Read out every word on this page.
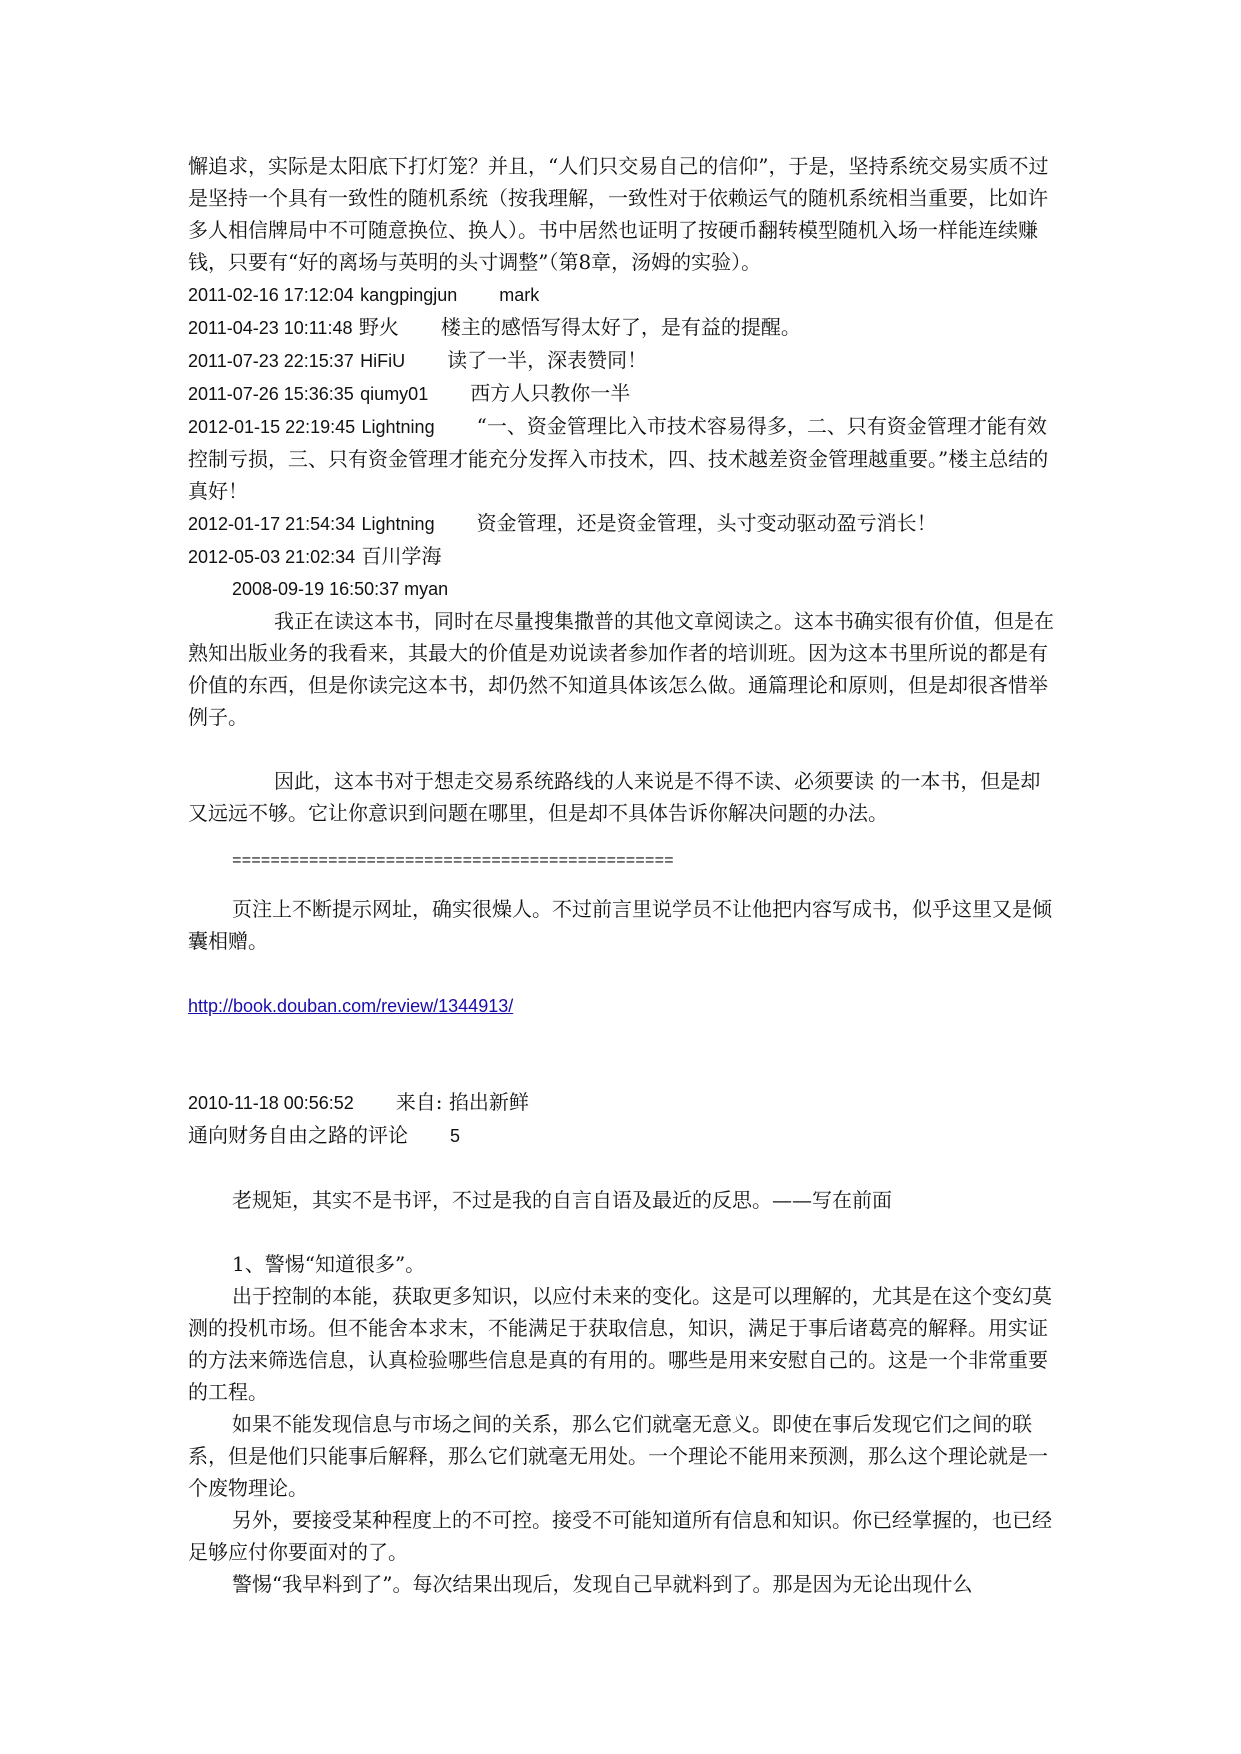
懈追求，实际是太阳底下打灯笼？并且，“人们只交易自己的信仰”，于是，坚持系统交易实质不过是坚持一个具有一致性的随机系统（按我理解，一致性对于依赖运气的随机系统相当重要，比如许多人相信牌局中不可随意换位、换人）。书中居然也证明了按硬币翻转模型随机入场一样能连续赚钱，只要有“好的离场与英明的头寸调整”（第8章，汤姆的实验）。

2011-02-16 17:12:04 kangpingjun mark

2011-04-23 10:11:48 野火 楼主的感悟写得太好了，是有益的提醒。

2011-07-23 22:15:37 HiFiU 读了一半，深表赞同！

2011-07-26 15:36:35 qiumy01 西方人只教你一半

2012-01-15 22:19:45 Lightning “一、资金管理比入市技术容易得多，二、只有资金管理才能有效控制亏损，三、只有资金管理才能充分发挥入市技术，四、技术越差资金管理越重要。”楼主总结的真好！

2012-01-17 21:54:34 Lightning 资金管理，还是资金管理，头寸变动驱动盈亏消长！

2012-05-03 21:02:34 百川学海

2008-09-19 16:50:37 myan

我正在读这本书，同时在尽量搜集撒普的其他文章阅读之。这本书确实很有价值，但是在熟知出版业务的我看来，其最大的价值是劝说读者参加作者的培训班。因为这本书里所说的都是有价值的东西，但是你读完这本书，却仍然不知道具体该怎么做。通篇理论和原则，但是却很吝惜举例子。

因此，这本书对于想走交易系统路线的人来说是不得不读、必须要读 的一本书，但是却又远远不够。它让你意识到问题在哪里，但是却不具体告诉你解决问题的办法。

==============================================

页注上不断提示网址，确实很燥人。不过前言里说学员不让他把内容写成书，似乎这里又是倾囊相赠。

http://book.douban.com/review/1344913/

2010-11-18 00:56:52 来自: 掐出新鲜

通向财务自由之路的评论 5

老规矩，其实不是书评，不过是我的自言自语及最近的反思。——写在前面

1、警惕“知道很多”。

出于控制的本能，获取更多知识，以应付未来的变化。这是可以理解的，尤其是在这个变幻莫测的投机市场。但不能舍本求末，不能满足于获取信息，知识，满足于事后诸葛亮的解释。用实证的方法来筛选信息，认真检验哪些信息是真的有用的。哪些是用来安慰自己的。这是一个非常重要的工程。

如果不能发现信息与市场之间的关系，那么它们就毫无意义。即使在事后发现它们之间的联系，但是他们只能事后解释，那么它们就毫无用处。一个理论不能用来预测，那么这个理论就是一个废物理论。

另外，要接受某种程度上的不可控。接受不可能知道所有信息和知识。你已经掌握的，也已经足够应付你要面对的了。

警惕“我早料到了”。每次结果出现后，发现自己早就料到了。那是因为无论出现什么
